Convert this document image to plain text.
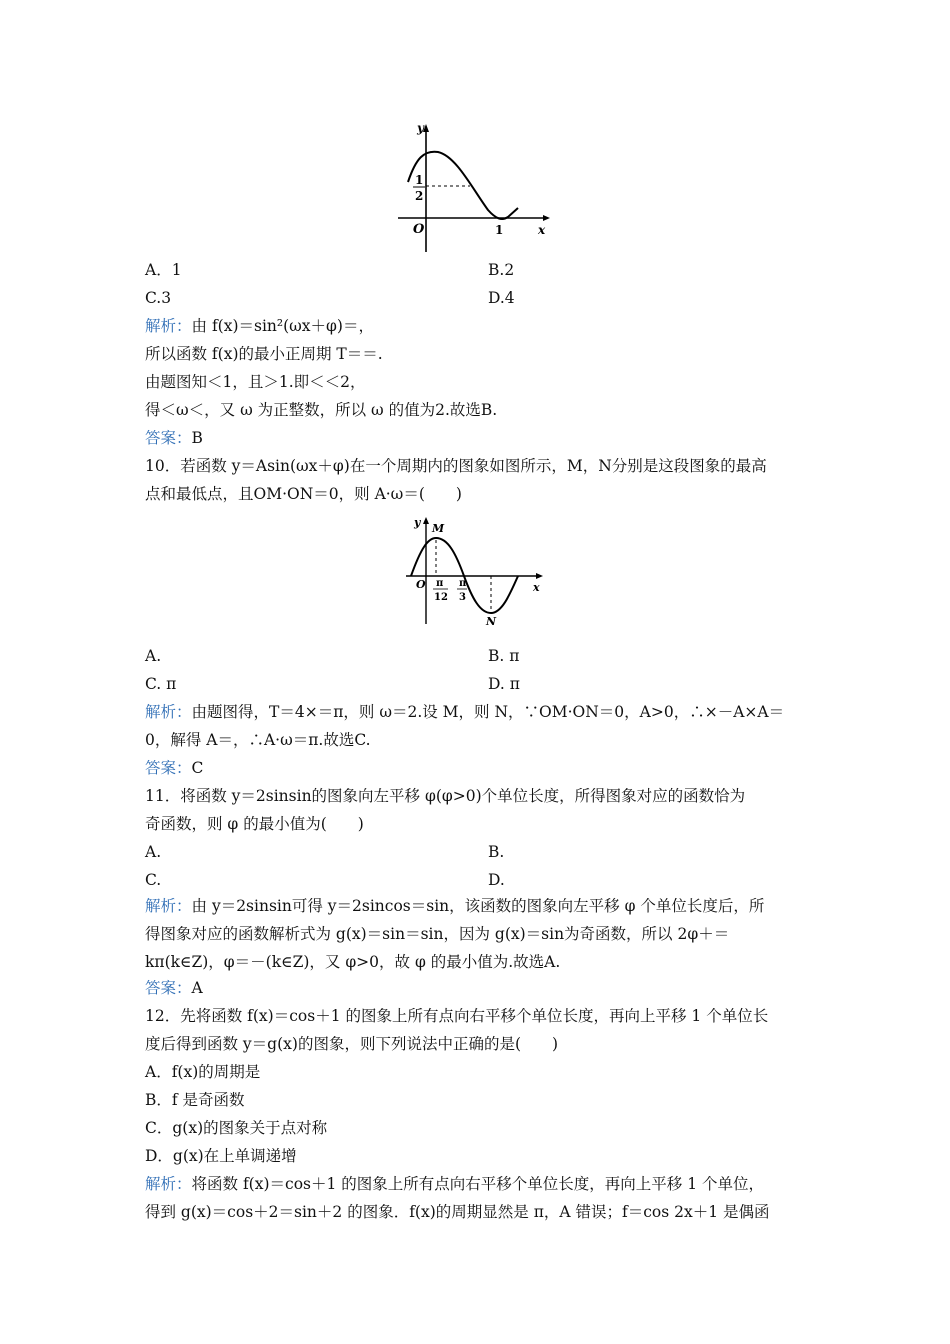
y
x
O
1
2
1
y
x
O
M
N
π
12
π
3
A．1	B.2
C.3	D.4
解析：由 f(x)＝sin²(ωx＋φ)＝，
所以函数 f(x)的最小正周期 T＝＝.
由题图知＜1，且＞1.即＜＜2，
得＜ω＜，又 ω 为正整数，所以 ω 的值为2.故选B.
答案：B
10．若函数 y＝Asin(ωx＋φ)在一个周期内的图象如图所示，M，N分别是这段图象的最高
点和最低点，且OM·ON＝0，则 A·ω＝(　　)
A.	B. π
C. π	D. π
解析：由题图得，T＝4×＝π，则 ω＝2.设 M，则 N，∵OM·ON＝0，A>0，∴×－A×A＝
0，解得 A＝，∴A·ω＝π.故选C.
答案：C
11．将函数 y＝2sinsin的图象向左平移 φ(φ>0)个单位长度，所得图象对应的函数恰为
奇函数，则 φ 的最小值为(　　)
A.	B.
C.	D.
解析：由 y＝2sinsin可得 y＝2sincos＝sin，该函数的图象向左平移 φ 个单位长度后，所
得图象对应的函数解析式为 g(x)＝sin＝sin，因为 g(x)＝sin为奇函数，所以 2φ＋＝
kπ(k∈Z)，φ＝－(k∈Z)，又 φ>0，故 φ 的最小值为.故选A.
答案：A
12．先将函数 f(x)＝cos＋1 的图象上所有点向右平移个单位长度，再向上平移 1 个单位长
度后得到函数 y＝g(x)的图象，则下列说法中正确的是(　　)
A．f(x)的周期是
B．f 是奇函数
C．g(x)的图象关于点对称
D．g(x)在上单调递增
解析：将函数 f(x)＝cos＋1 的图象上所有点向右平移个单位长度，再向上平移 1 个单位，
得到 g(x)＝cos＋2＝sin＋2 的图象．f(x)的周期显然是 π，A 错误；f＝cos 2x＋1 是偶函
